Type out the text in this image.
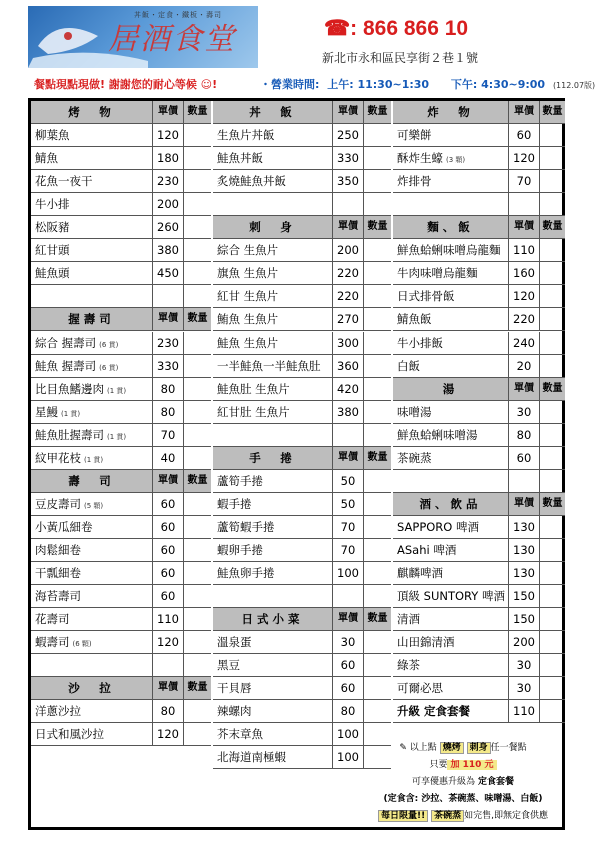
居酒食堂
丼飯・定食・鐵板・壽司
☎: 866 866 10
新北市永和區民享街２巷１號
餐點現點現做! 謝謝您的耐心等候 ☺!	・營業時間: 上午: 11:30~1:30 下午: 4:30~9:00 (112.07版)
烤　物	單價 數量
柳葉魚	120
鯖魚	180
花魚一夜干	230
牛小排	200
松阪豬	260
紅甘頭	380
鮭魚頭	450
握壽司	單價 數量
綜合 握壽司 (6 貫)	230
鮭魚 握壽司 (6 貫)	330
比目魚鰭邊肉 (1 貫)	80
星鰻 (1 貫)	80
鮭魚肚握壽司 (1 貫)	70
紋甲花枝 (1 貫)	40
壽　司	單價 數量
豆皮壽司 (5 顆)	60
小黃瓜細卷	60
肉鬆細卷	60
干瓢細卷	60
海苔壽司	60
花壽司	110
蝦壽司 (6 顆)	120
沙　拉	單價 數量
洋蔥沙拉	80
日式和風沙拉	120
丼　飯	單價 數量
生魚片丼飯	250
鮭魚丼飯	330
炙燒鮭魚丼飯	350
刺　身	單價 數量
綜合 生魚片	200
旗魚 生魚片	220
紅甘 生魚片	220
鮪魚 生魚片	270
鮭魚 生魚片	300
一半鮭魚一半鮭魚肚	360
鮭魚肚 生魚片	420
紅甘肚 生魚片	380
手　捲	單價 數量
蘆筍手捲	50
蝦手捲	50
蘆筍蝦手捲	70
蝦卵手捲	70
鮭魚卵手捲	100
日式小菜	單價 數量
溫泉蛋	30
黑豆	60
干貝唇	60
辣螺肉	80
芥末章魚	100
北海道南極蝦	100
炸　物	單價 數量
可樂餅	60
酥炸生蠔 (3 顆)	120
炸排骨	70
麵、飯	單價 數量
鮮魚蛤蜊味噌烏龍麵	110
牛肉味噌烏龍麵	160
日式排骨飯	120
鯖魚飯	220
牛小排飯	240
白飯	20
湯	單價 數量
味噌湯	30
鮮魚蛤蜊味噌湯	80
茶碗蒸	60
酒、飲品	單價 數量
SAPPORO 啤酒	130
ASahi 啤酒	130
麒麟啤酒	130
頂級 SUNTORY 啤酒 150
清酒	150
山田錦清酒	200
綠茶	30
可爾必思	30
升級 定食套餐	110
✎ 以上點 燒烤 刺身 任一餐點
只要 加 110 元
可享優惠升級為 定食套餐
(定食含: 沙拉、茶碗蒸、味噌湯、白飯)
每日限量!! 茶碗蒸 如完售,即無定食供應
